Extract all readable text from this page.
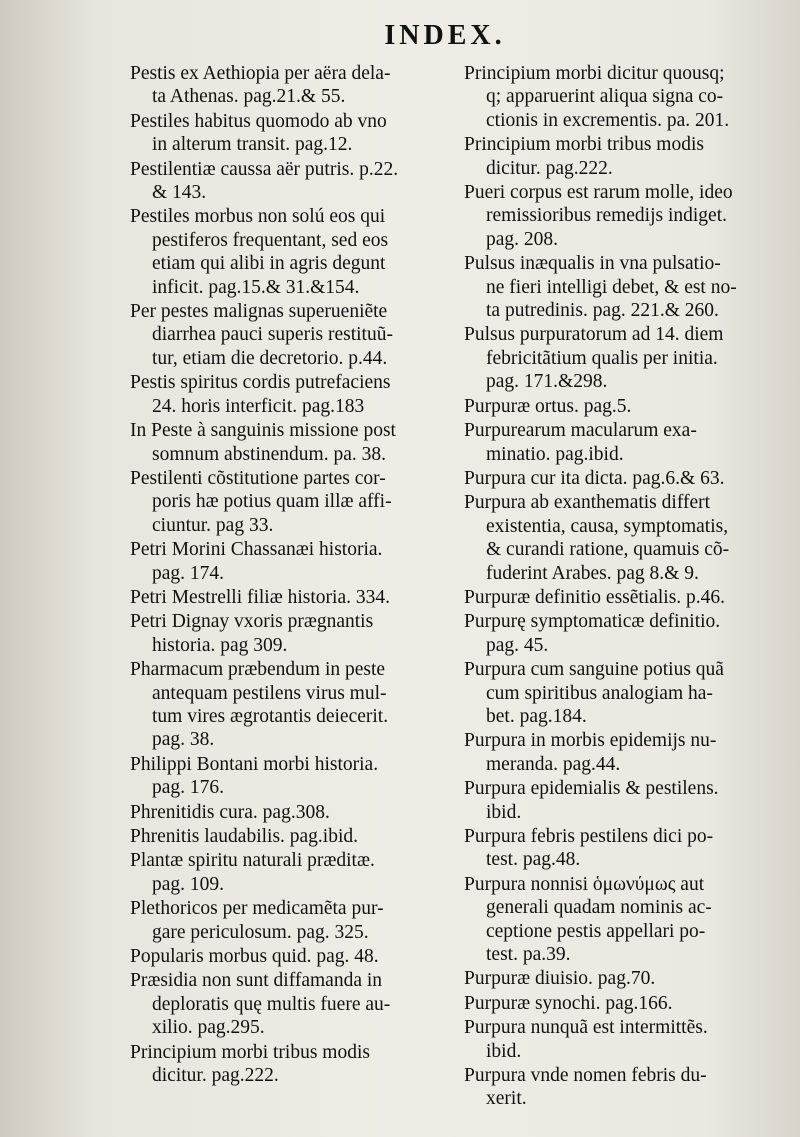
INDEX.
Pestis ex Aethiopia per aëra dela-
ta Athenas. pag.21.& 55.
Pestiles habitus quomodo ab vno
in alterum transit. pag.12.
Pestilentiæ caussa aër putris. p.22.
& 143.
Pestiles morbus non solú eos qui
pestiferos frequentant, sed eos
etiam qui alibi in agris degunt
inficit. pag.15.& 31.&154.
Per pestes malignas superueniẽte
diarrhea pauci superis restituũ-
tur, etiam die decretorio. p.44.
Pestis spiritus cordis putrefaciens
24. horis interficit. pag.183
In Peste à sanguinis missione post
somnum abstinendum. pa. 38.
Pestilenti cõstitutione partes cor-
poris hæ potius quam illæ affi-
ciuntur. pag 33.
Petri Morini Chassanæi historia.
pag. 174.
Petri Mestrelli filiæ historia. 334.
Petri Dignay vxoris prægnantis
historia. pag 309.
Pharmacum præbendum in peste
antequam pestilens virus mul-
tum vires ægrotantis deiecerit.
pag. 38.
Philippi Bontani morbi historia.
pag. 176.
Phrenitidis cura. pag.308.
Phrenitis laudabilis. pag.ibid.
Plantæ spiritu naturali præditæ.
pag. 109.
Plethoricos per medicamẽta pur-
gare periculosum. pag. 325.
Popularis morbus quid. pag. 48.
Præsidia non sunt diffamanda in
deploratis quę multis fuere au-
xilio. pag.295.
Principium morbi tribus modis
dicitur. pag.222.
Principium morbi dicitur quousq;
q; apparuerint aliqua signa co-
ctionis in excrementis. pa. 201.
Principium morbi tribus modis
dicitur. pag.222.
Pueri corpus est rarum molle, ideo
remissioribus remedijs indiget.
pag. 208.
Pulsus inæqualis in vna pulsatio-
ne fieri intelligi debet, & est no-
ta putredinis. pag. 221.& 260.
Pulsus purpuratorum ad 14. diem
febricitãtium qualis per initia.
pag. 171.&298.
Purpuræ ortus. pag.5.
Purpurearum macularum exa-
minatio. pag.ibid.
Purpura cur ita dicta. pag.6.& 63.
Purpura ab exanthematis differt
existentia, causa, symptomatis,
& curandi ratione, quamuis cõ-
fuderint Arabes. pag 8.& 9.
Purpuræ definitio essẽtialis. p.46.
Purpurę symptomaticæ definitio.
pag. 45.
Purpura cum sanguine potius quã
cum spiritibus analogiam ha-
bet. pag.184.
Purpura in morbis epidemijs nu-
meranda. pag.44.
Purpura epidemialis & pestilens.
ibid.
Purpura febris pestilens dici po-
test. pag.48.
Purpura nonnisi ὁμωνύμως aut
generali quadam nominis ac-
ceptione pestis appellari po-
test. pa.39.
Purpuræ diuisio. pag.70.
Purpuræ synochi. pag.166.
Purpura nunquã est intermittẽs.
ibid.
Purpura vnde nomen febris du-
xerit.
